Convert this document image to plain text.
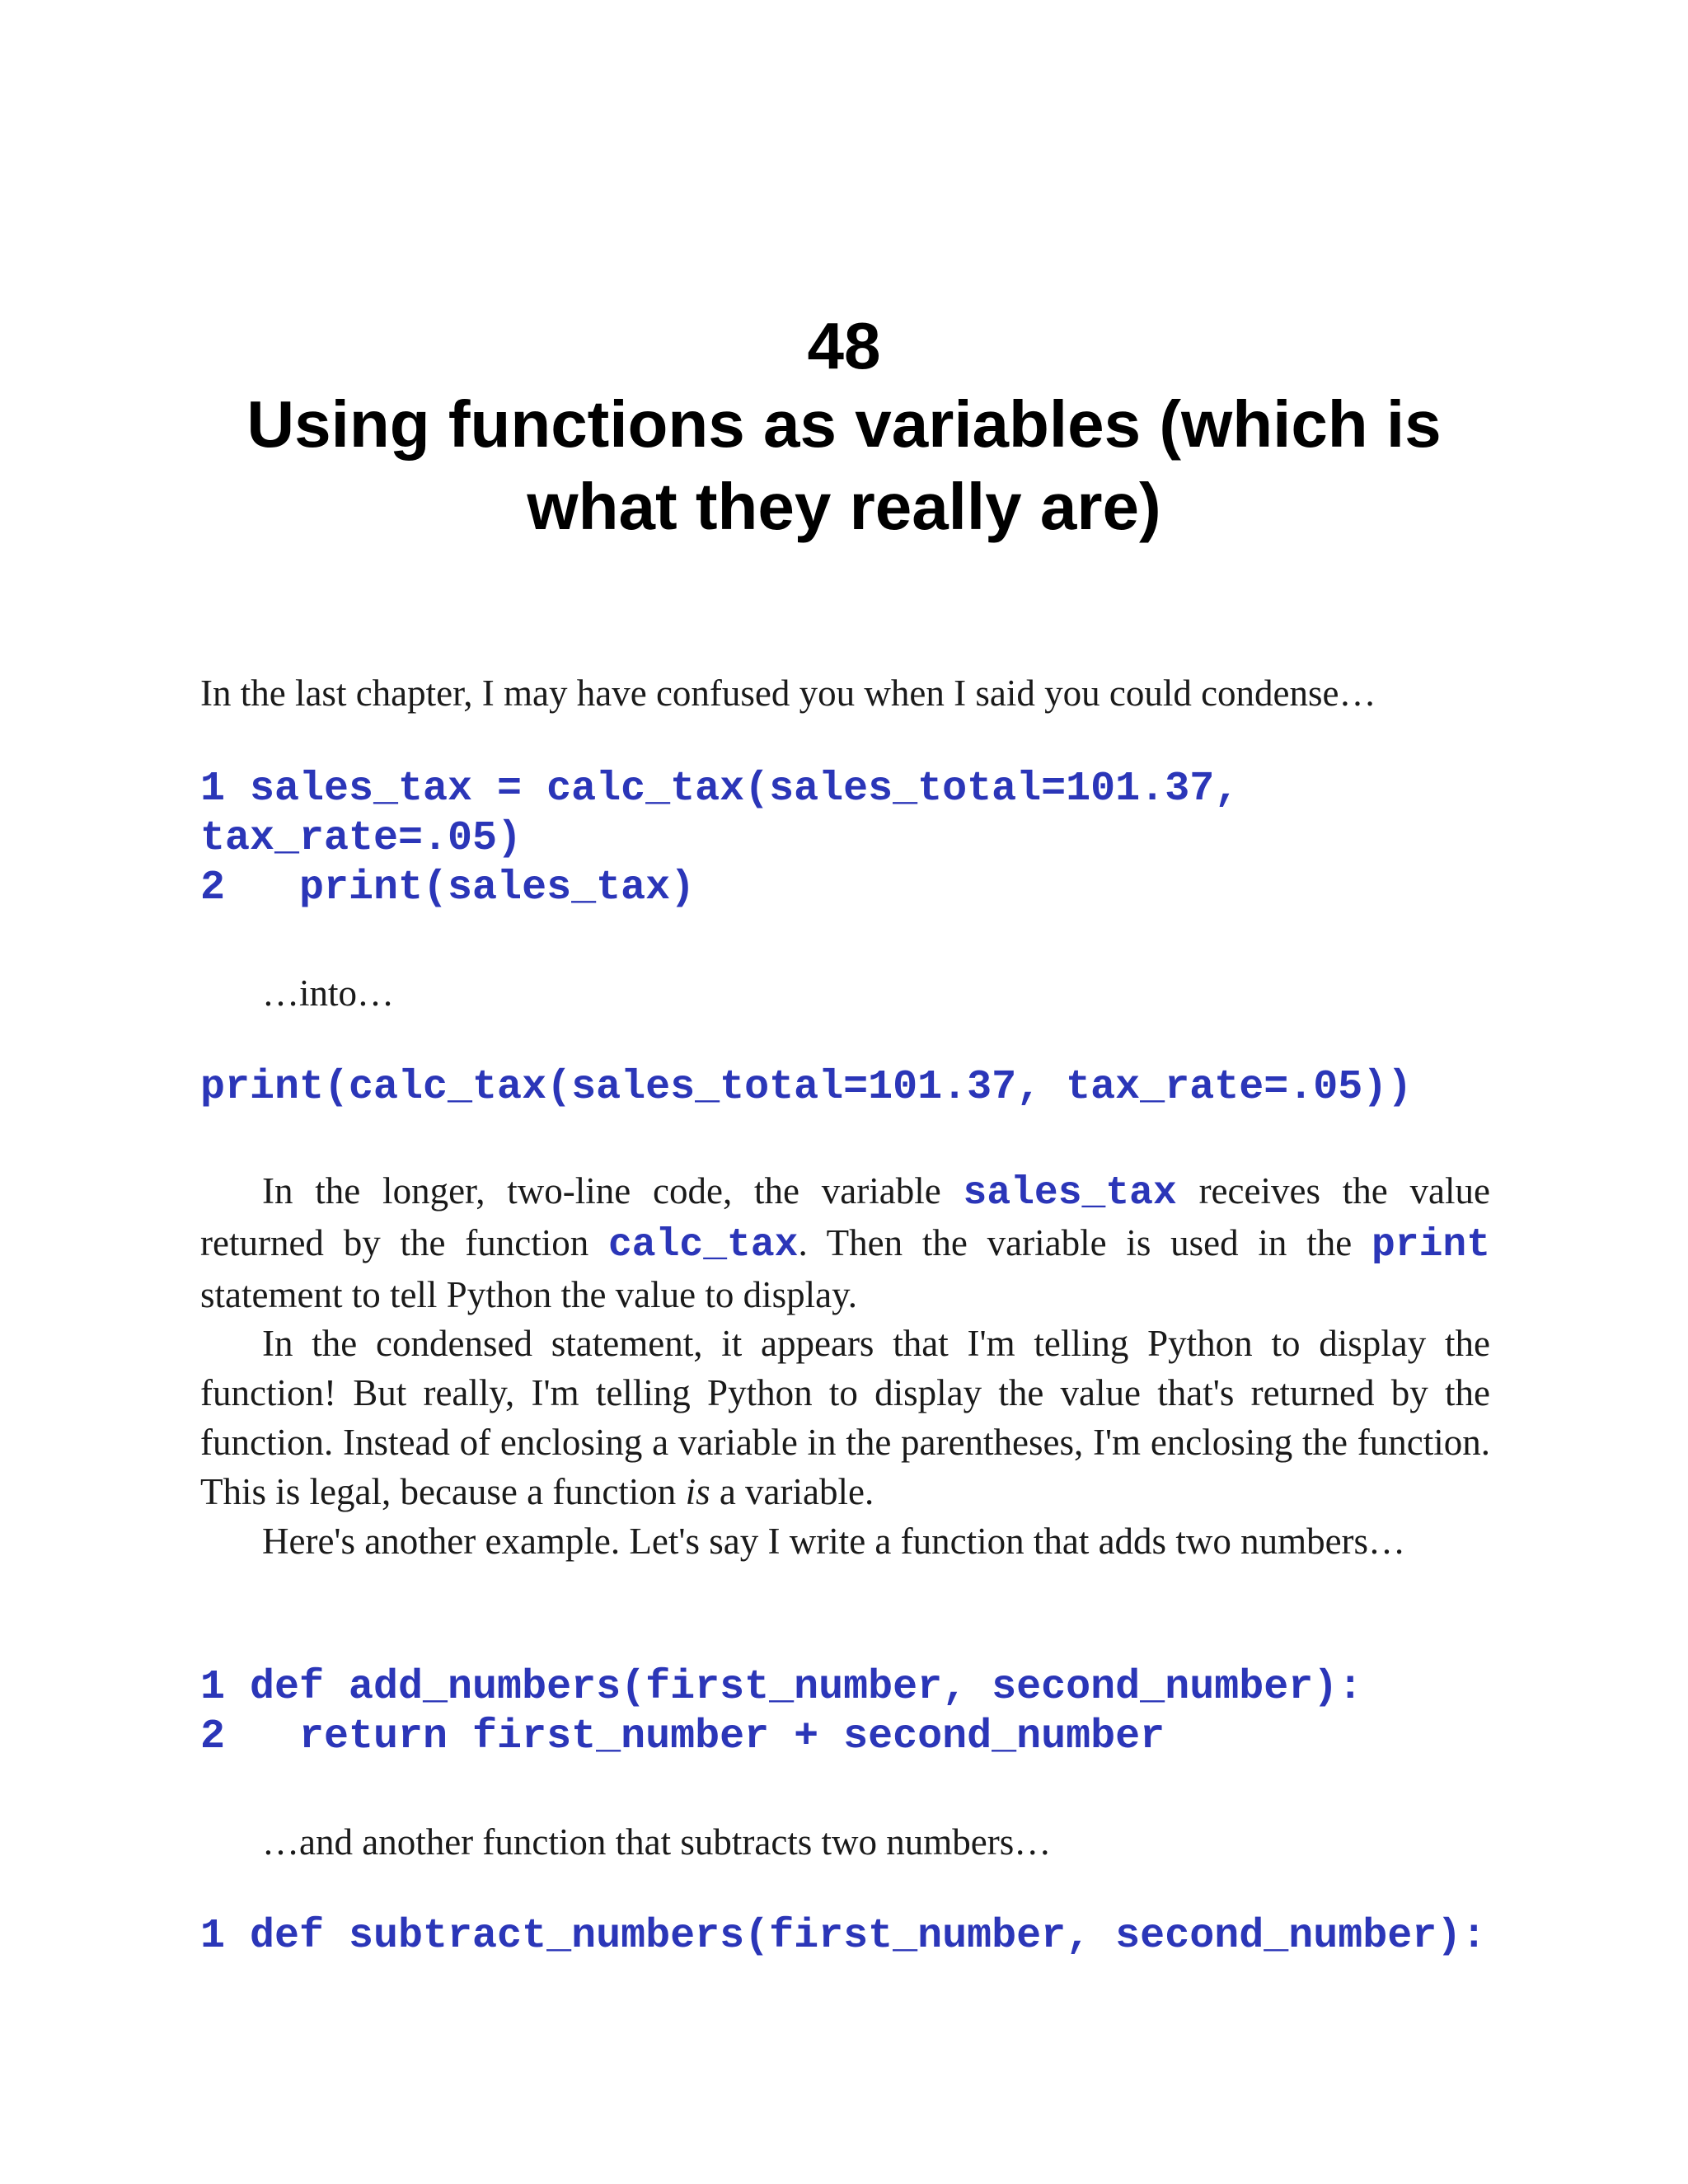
48
Using functions as variables (which is
what they really are)

In the last chapter, I may have confused you when I said you could condense…

1 sales_tax = calc_tax(sales_total=101.37,
tax_rate=.05)
2   print(sales_tax)

…into…

print(calc_tax(sales_total=101.37, tax_rate=.05))

In the longer, two-line code, the variable sales_tax receives the value returned by the function calc_tax. Then the variable is used in the print statement to tell Python the value to display.

In the condensed statement, it appears that I'm telling Python to display the function! But really, I'm telling Python to display the value that's returned by the function. Instead of enclosing a variable in the parentheses, I'm enclosing the function. This is legal, because a function is a variable.

Here's another example. Let's say I write a function that adds two numbers…

1 def add_numbers(first_number, second_number):
2   return first_number + second_number

…and another function that subtracts two numbers…

1 def subtract_numbers(first_number, second_number):
